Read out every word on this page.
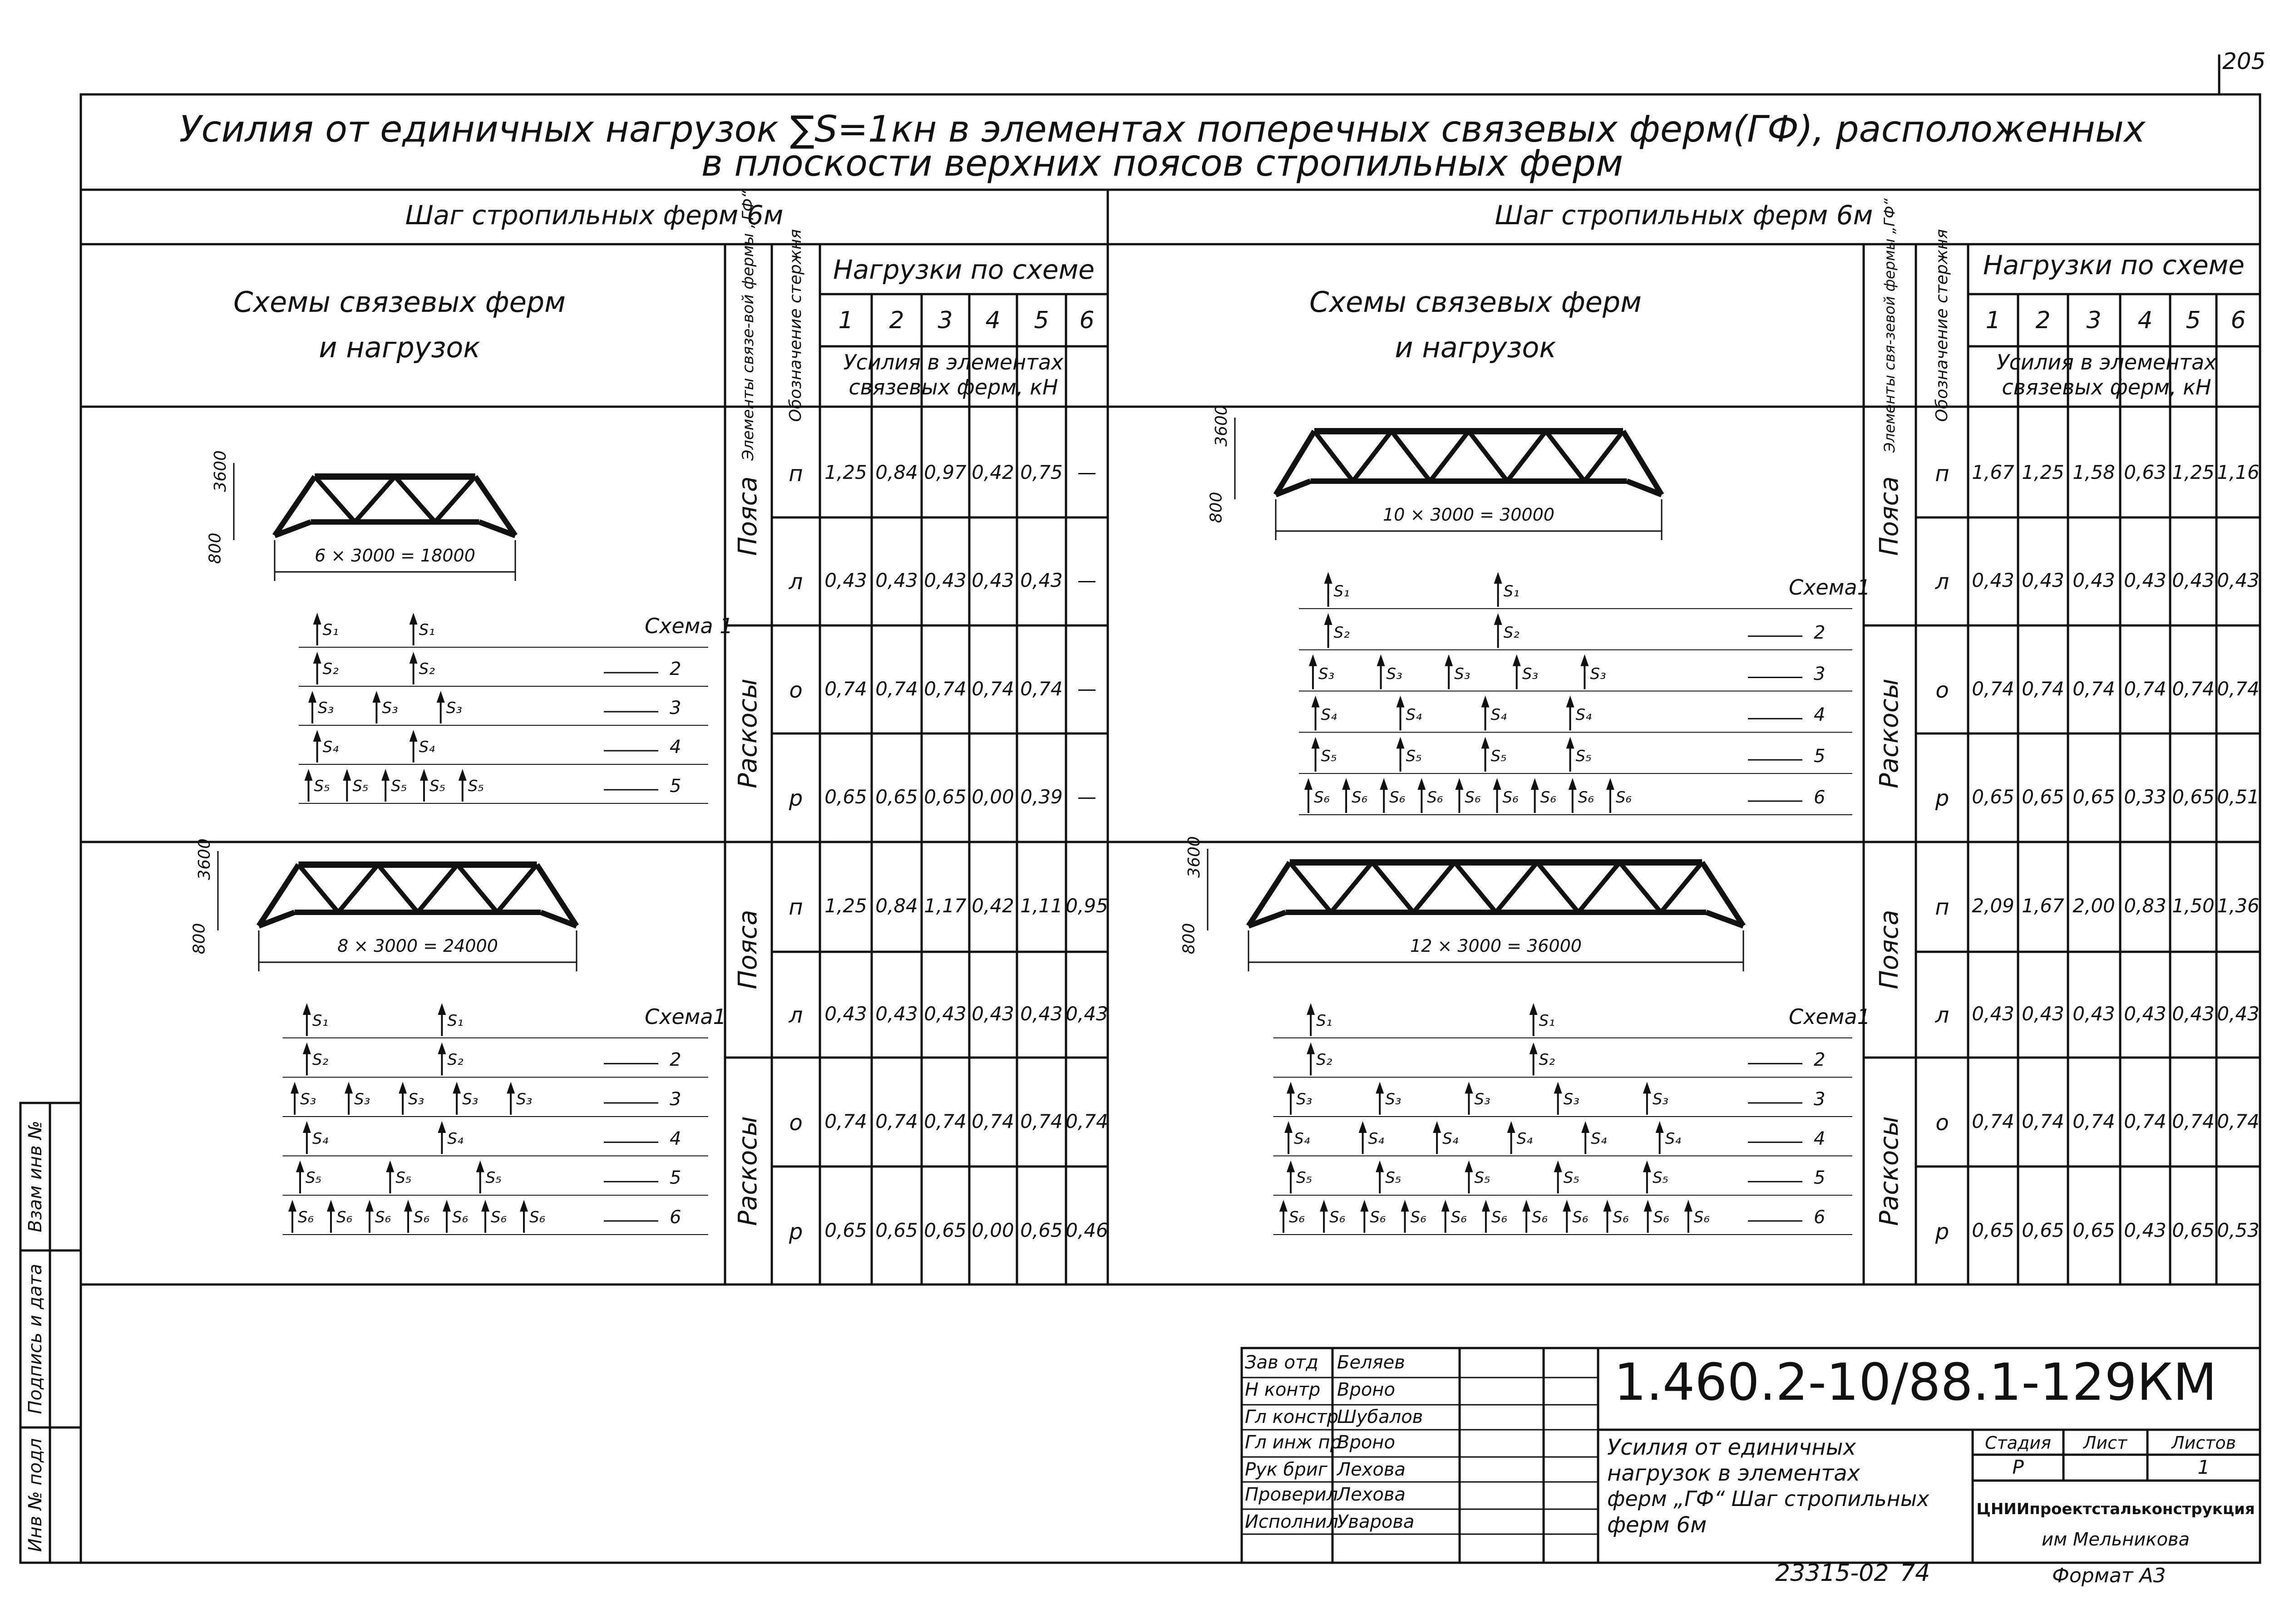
205
Усилия от единичных нагрузок ∑S=1кн в элементах поперечных связевых ферм(ГФ), расположенных
в плоскости верхних поясов стропильных ферм
Шаг стропильных ферм 6м
Схемы связевых ферм
и нагрузок	Элементы связе-вой фермы „ГФ“ Обозначение стержня Нагрузки по схеме
1 2 3 4 5 6
Усилия в элементах
связевых ферм, кН
Шаг стропильных ферм 6м
Схемы связевых ферм
и нагрузок	Элементы свя-зевой фермы „ГФ“ Обозначение стержня Нагрузки по схеме
1 2 3 4 5 6
Усилия в элементах
связевых ферм, кН
Пояса
Раскосы
Пояса
Раскосы
Пояса
Раскосы
Пояса
Раскосы
п 1,25 0,84 0,97 0,42 0,75 —
л 0,43 0,43 0,43 0,43 0,43 —
о 0,74 0,74 0,74 0,74 0,74 —
р 0,65 0,65 0,65 0,00 0,39 —
п 1,25 0,84 1,17 0,42 1,11 0,95
л 0,43 0,43 0,43 0,43 0,43 0,43
о 0,74 0,74 0,74 0,74 0,74 0,74
р 0,65 0,65 0,65 0,00 0,65 0,46
п 1,67 1,25 1,58 0,63 1,25 1,16
л 0,43 0,43 0,43 0,43 0,43 0,43
о 0,74 0,74 0,74 0,74 0,74 0,74
р 0,65 0,65 0,65 0,33 0,65 0,51
п 2,09 1,67 2,00 0,83 1,50 1,36
л 0,43 0,43 0,43 0,43 0,43 0,43
о 0,74 0,74 0,74 0,74 0,74 0,74
р 0,65 0,65 0,65 0,43 0,65 0,53
6 × 3000 = 18000
3600
800
S₁	S₁	Схема 1
S₂	S₂	2
S₃	S₃	S₃	3
S₄	S₄	4
S₅ S₅ S₅ S₅ S₅	5
8 × 3000 = 24000
3600
800
S₁	S₁	Схема1
S₂	S₂	2
S₃ S₃ S₃ S₃ S₃	3
S₄	S₄	4
S₅	S₅	S₅	5
S₆ S₆ S₆ S₆ S₆ S₆ S₆	6
10 × 3000 = 30000
3600
800
S₁	S₁	Схема1
S₂	S₂	2
S₃	S₃	S₃	S₃	S₃	3
S₄	S₄	S₄	S₄	4
S₅	S₅	S₅	S₅	5
S₆ S₆ S₆ S₆ S₆ S₆ S₆ S₆ S₆	6
12 × 3000 = 36000
3600
800
S₁	S₁	Схема1
S₂	S₂	2
S₃	S₃	S₃	S₃	S₃	3
S₄	S₄	S₄	S₄	S₄	S₄	4
S₅	S₅	S₅	S₅	S₅	5
S₆ S₆ S₆ S₆ S₆ S₆ S₆ S₆ S₆ S₆ S₆	6
Взам инв №
Подпись и дата
Инв № подл
1.460.2-10/88.1-129КМ
Зав отд Беляев
Н контр Вроно
Гл констр
Шубалов
Гл инж пр
Вроно
Рук бриг Лехова
Проверил
Лехова
Исполнил
Уварова
Усилия от единичных
нагрузок в элементах
ферм „ГФ“ Шаг стропильных
ферм 6м
Стадия Лист	Листов
Р	1
ЦНИИпроектстальконструкция
им Мельникова
Формат А3
23315-02 74
